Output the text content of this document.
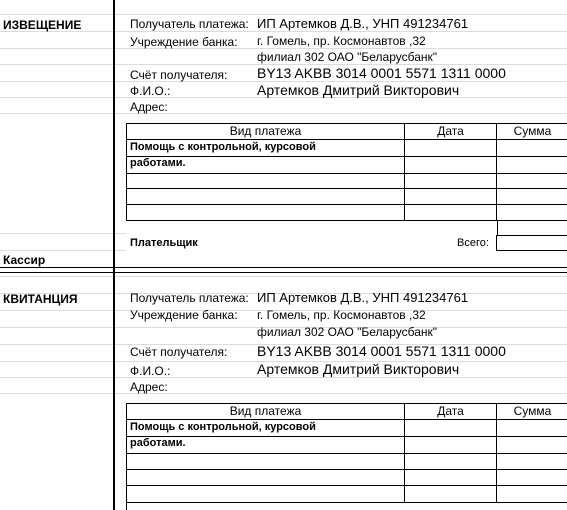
ИЗВЕЩЕНИЕ	Получатель платежа: ИП Артемков Д.В., УНП 491234761
Учреждение банка: г. Гомель, пр. Космонавтов ,32
филиал 302 ОАО "Беларусбанк"
Счёт получателя: BY13 AKBB 3014 0001 5571 1311 0000
Ф.И.О.:	Артемков Дмитрий Викторович
Адрес:
Вид платежа	Дата	Сумма
Помощь с контрольной, курсовой
работами.
Плательщик	Всего:
Кассир
КВИТАНЦИЯ	Получатель платежа: ИП Артемков Д.В., УНП 491234761
Учреждение банка: г. Гомель, пр. Космонавтов ,32
филиал 302 ОАО "Беларусбанк"
Счёт получателя: BY13 AKBB 3014 0001 5571 1311 0000
Ф.И.О.:	Артемков Дмитрий Викторович
Адрес:
Вид платежа	Дата	Сумма
Помощь с контрольной, курсовой
работами.
